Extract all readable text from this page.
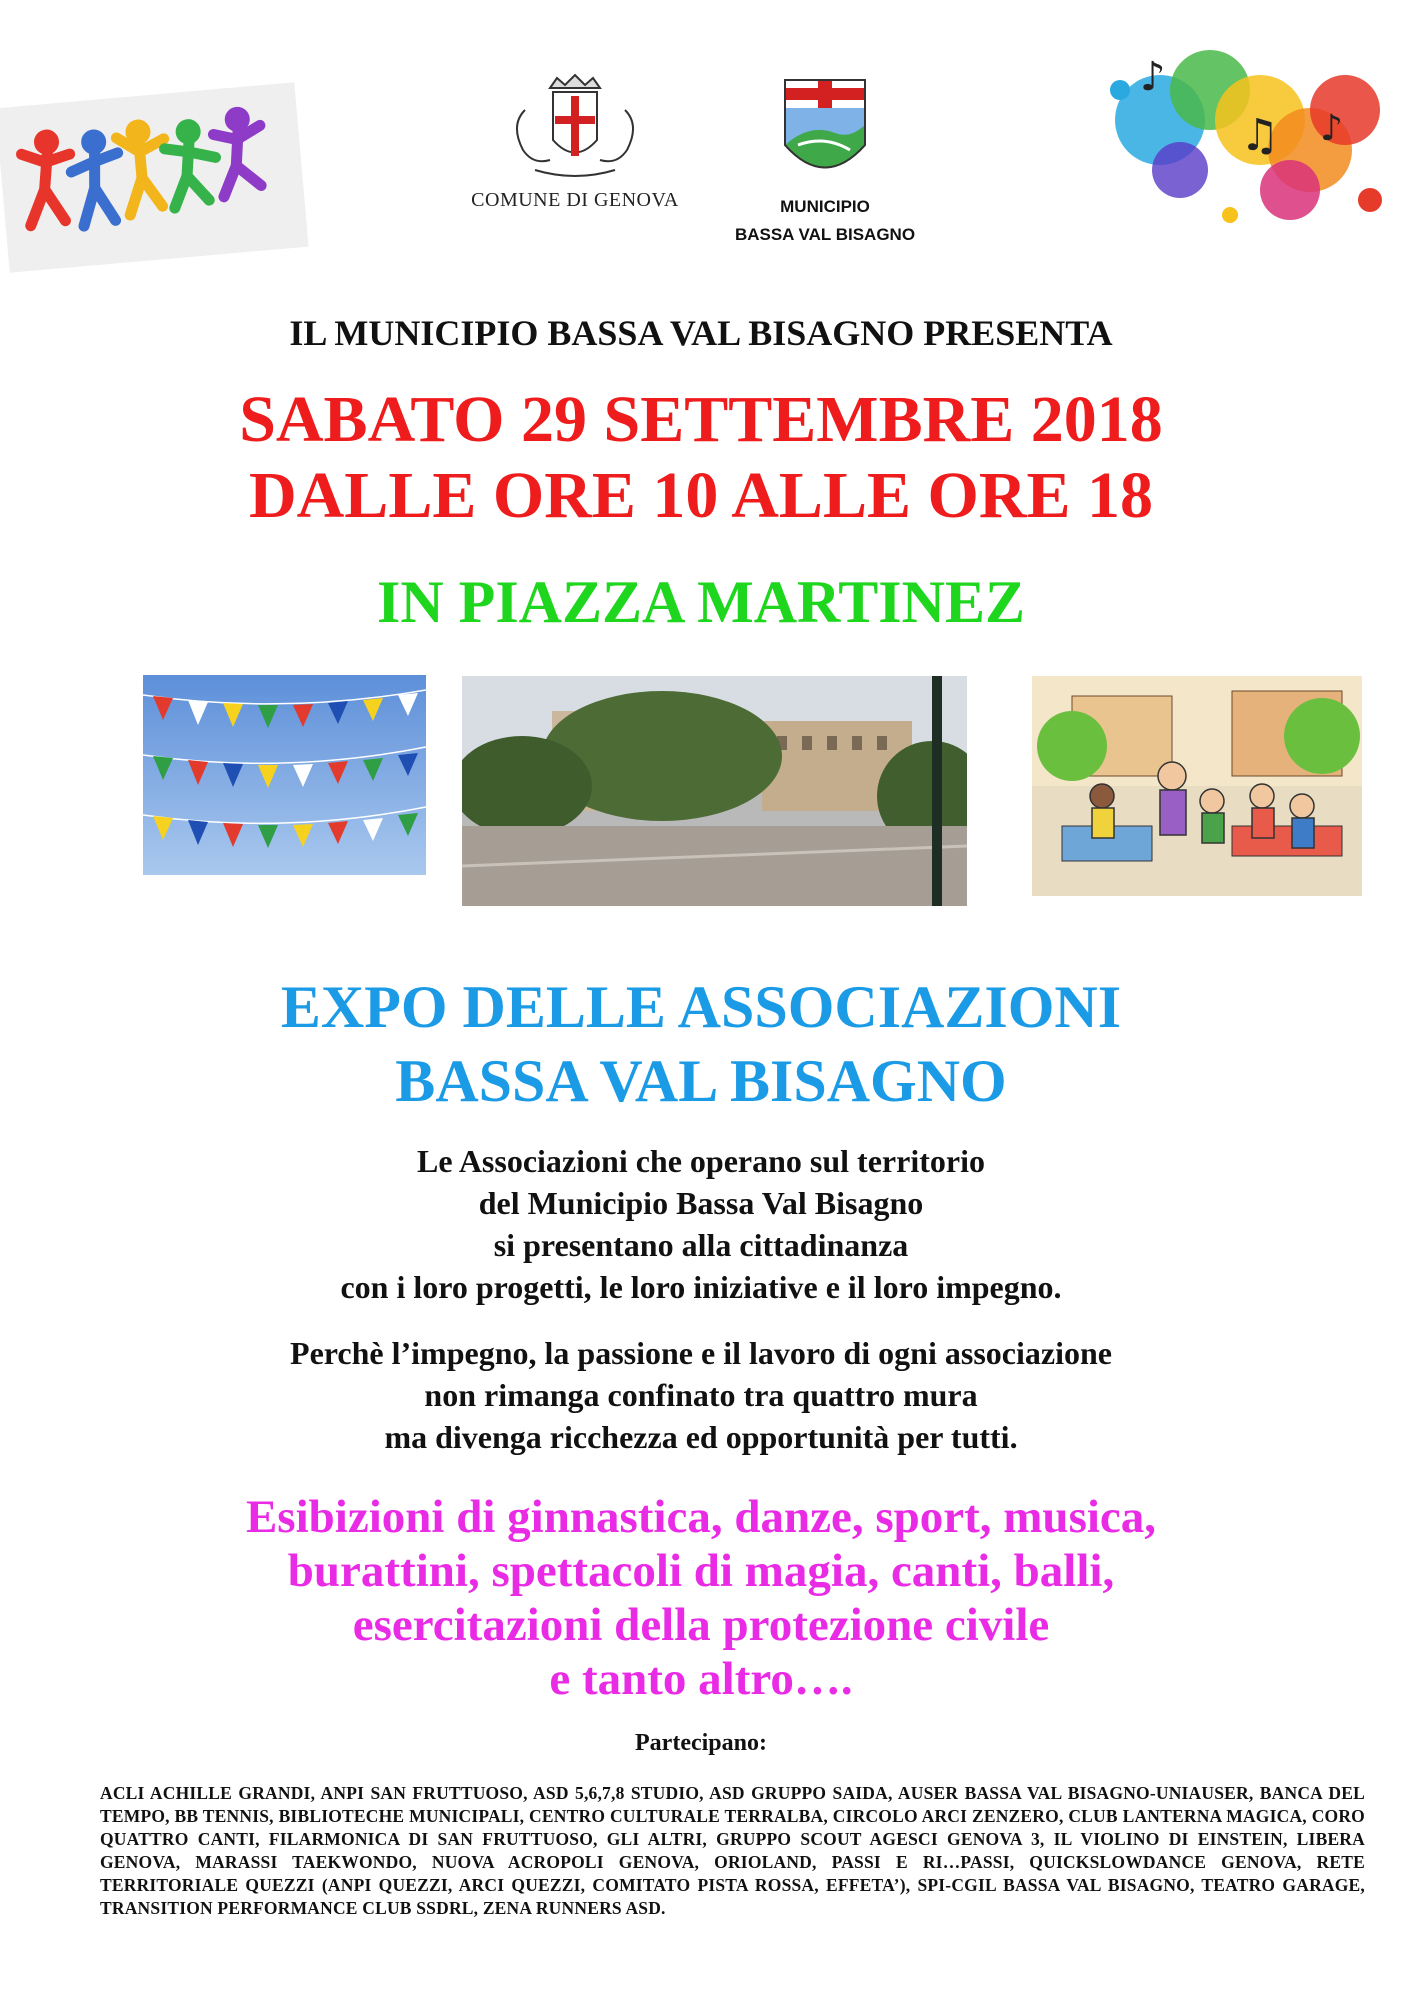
COMUNE DI GENOVA	MUNICIPIO
BASSA VAL BISAGNO
♪
♫ ♪
IL MUNICIPIO BASSA VAL BISAGNO PRESENTA
SABATO 29 SETTEMBRE 2018
DALLE ORE 10 ALLE ORE 18
IN PIAZZA MARTINEZ
EXPO DELLE ASSOCIAZIONI
BASSA VAL BISAGNO
Le Associazioni che operano sul territorio
del Municipio Bassa Val Bisagno
si presentano alla cittadinanza
con i loro progetti, le loro iniziative e il loro impegno.
Perchè l’impegno, la passione e il lavoro di ogni associazione
non rimanga confinato tra quattro mura
ma divenga ricchezza ed opportunità per tutti.
Esibizioni di ginnastica, danze, sport, musica,
burattini, spettacoli di magia, canti, balli,
esercitazioni della protezione civile
e tanto altro….
Partecipano:
ACLI ACHILLE GRANDI, ANPI SAN FRUTTUOSO, ASD 5,6,7,8 STUDIO, ASD GRUPPO SAIDA, AUSER BASSA VAL BISAGNO-UNIAUSER, BANCA DEL TEMPO, BB TENNIS, BIBLIOTECHE MUNICIPALI, CENTRO CULTURALE TERRALBA, CIRCOLO ARCI ZENZERO, CLUB LANTERNA MAGICA, CORO QUATTRO CANTI, FILARMONICA DI SAN FRUTTUOSO, GLI ALTRI, GRUPPO SCOUT AGESCI GENOVA 3, IL VIOLINO DI EINSTEIN, LIBERA GENOVA, MARASSI TAEKWONDO, NUOVA ACROPOLI GENOVA, ORIOLAND, PASSI E RI…PASSI, QUICKSLOWDANCE GENOVA, RETE TERRITORIALE QUEZZI (ANPI QUEZZI, ARCI QUEZZI, COMITATO PISTA ROSSA, EFFETA’), SPI-CGIL BASSA VAL BISAGNO, TEATRO GARAGE, TRANSITION PERFORMANCE CLUB SSDRL, ZENA RUNNERS ASD.
